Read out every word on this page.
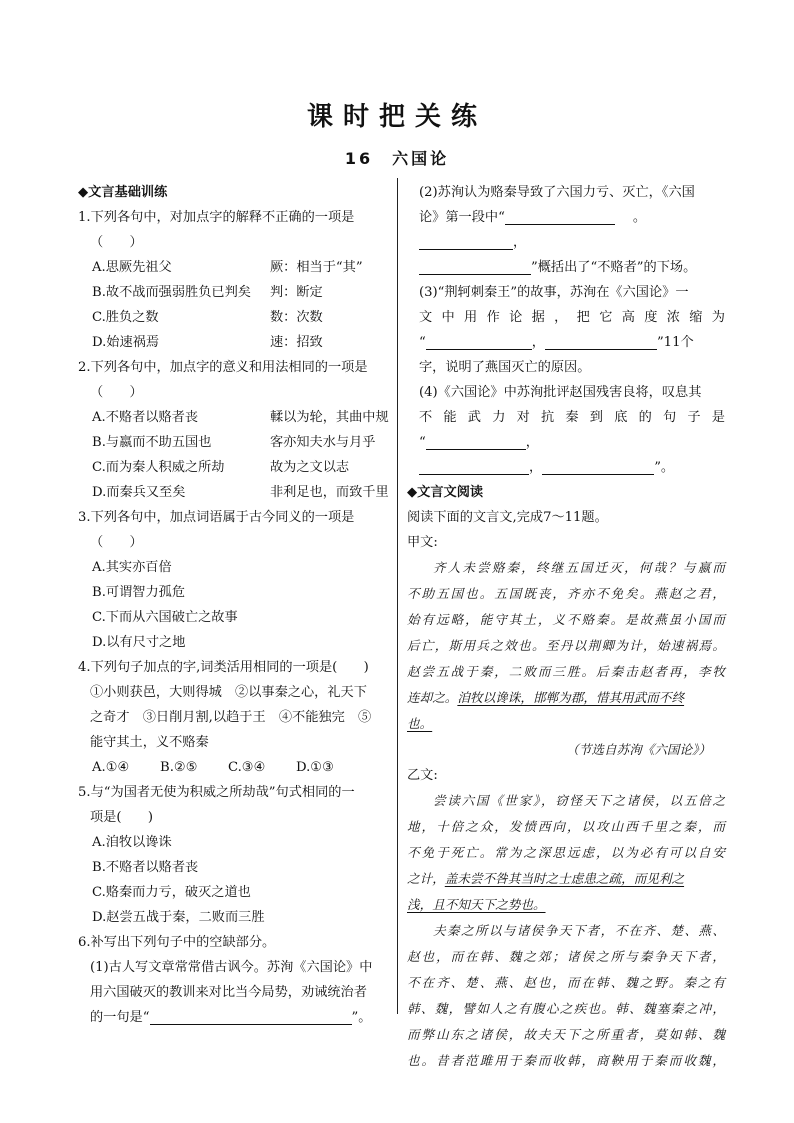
课时把关练
16　六国论
◆文言基础训练
1.下列各句中，对加点字的解释不正确的一项是
（　　）
A.思厥先祖父	厥：相当于“其”
B.故不战而强弱胜负已判矣	判：断定
C.胜负之数	数：次数
D.始速祸焉	速：招致
2.下列各句中，加点字的意义和用法相同的一项是
（　　）
A.不赂者以赂者丧	輮以为轮，其曲中规
B.与嬴而不助五国也	客亦知夫水与月乎
C.而为秦人积威之所劫	故为之文以志
D.而秦兵又至矣	非利足也，而致千里
3.下列各句中，加点词语属于古今同义的一项是
（　　）
A.其实亦百倍
B.可谓智力孤危
C.下而从六国破亡之故事
D.以有尺寸之地
4.下列句子加点的字,词类活用相同的一项是(　　)
①小则获邑，大则得城　②以事秦之心，礼天下
之奇才　③日削月割,以趋于王　④不能独完　⑤
能守其土，义不赂秦
A.①④	B.②⑤	C.③④	D.①③
5.与“为国者无使为积威之所劫哉”句式相同的一
项是(　　)
A.洎牧以谗诛
B.不赂者以赂者丧
C.赂秦而力亏，破灭之道也
D.赵尝五战于秦，二败而三胜
6.补写出下列句子中的空缺部分。
(1)古人写文章常常借古讽今。苏洵《六国论》中
用六国破灭的教训来对比当今局势，劝诫统治者
的一句是“	”。
(2)苏洵认为赂秦导致了六国力亏、灭亡，《六国
论》第一段中“	。
，
”概括出了“不赂者”的下场。
(3)“荆轲刺秦王”的故事，苏洵在《六国论》一
文中用作论据，把它高度浓缩为
“	，	”11个
字，说明了燕国灭亡的原因。
(4)《六国论》中苏洵批评赵国残害良将，叹息其
不能武力对抗秦到底的句子是
“	，
，	”。
◆文言文阅读
阅读下面的文言文,完成7～11题。
甲文:
齐人未尝赂秦，终继五国迁灭，何哉？与嬴而
不助五国也。五国既丧，齐亦不免矣。燕赵之君，
始有远略，能守其土，义不赂秦。是故燕虽小国而
后亡，斯用兵之效也。至丹以荆卿为计，始速祸焉。
赵尝五战于秦，二败而三胜。后秦击赵者再，李牧
连却之。洎牧以谗诛，邯郸为郡，惜其用武而不终
也。
（节选自苏洵《六国论》）
乙文:
尝读六国《世家》，窃怪天下之诸侯，以五倍之
地，十倍之众，发愤西向，以攻山西千里之秦，而
不免于死亡。常为之深思远虑，以为必有可以自安
之计，盖未尝不咎其当时之士虑患之疏，而见利之
浅，且不知天下之势也。
夫秦之所以与诸侯争天下者，不在齐、楚、燕、
赵也，而在韩、魏之郊；诸侯之所与秦争天下者，
不在齐、楚、燕、赵也，而在韩、魏之野。秦之有
韩、魏，譬如人之有腹心之疾也。韩、魏塞秦之冲，
而弊山东之诸侯，故夫天下之所重者，莫如韩、魏
也。昔者范雎用于秦而收韩，商鞅用于秦而收魏，
